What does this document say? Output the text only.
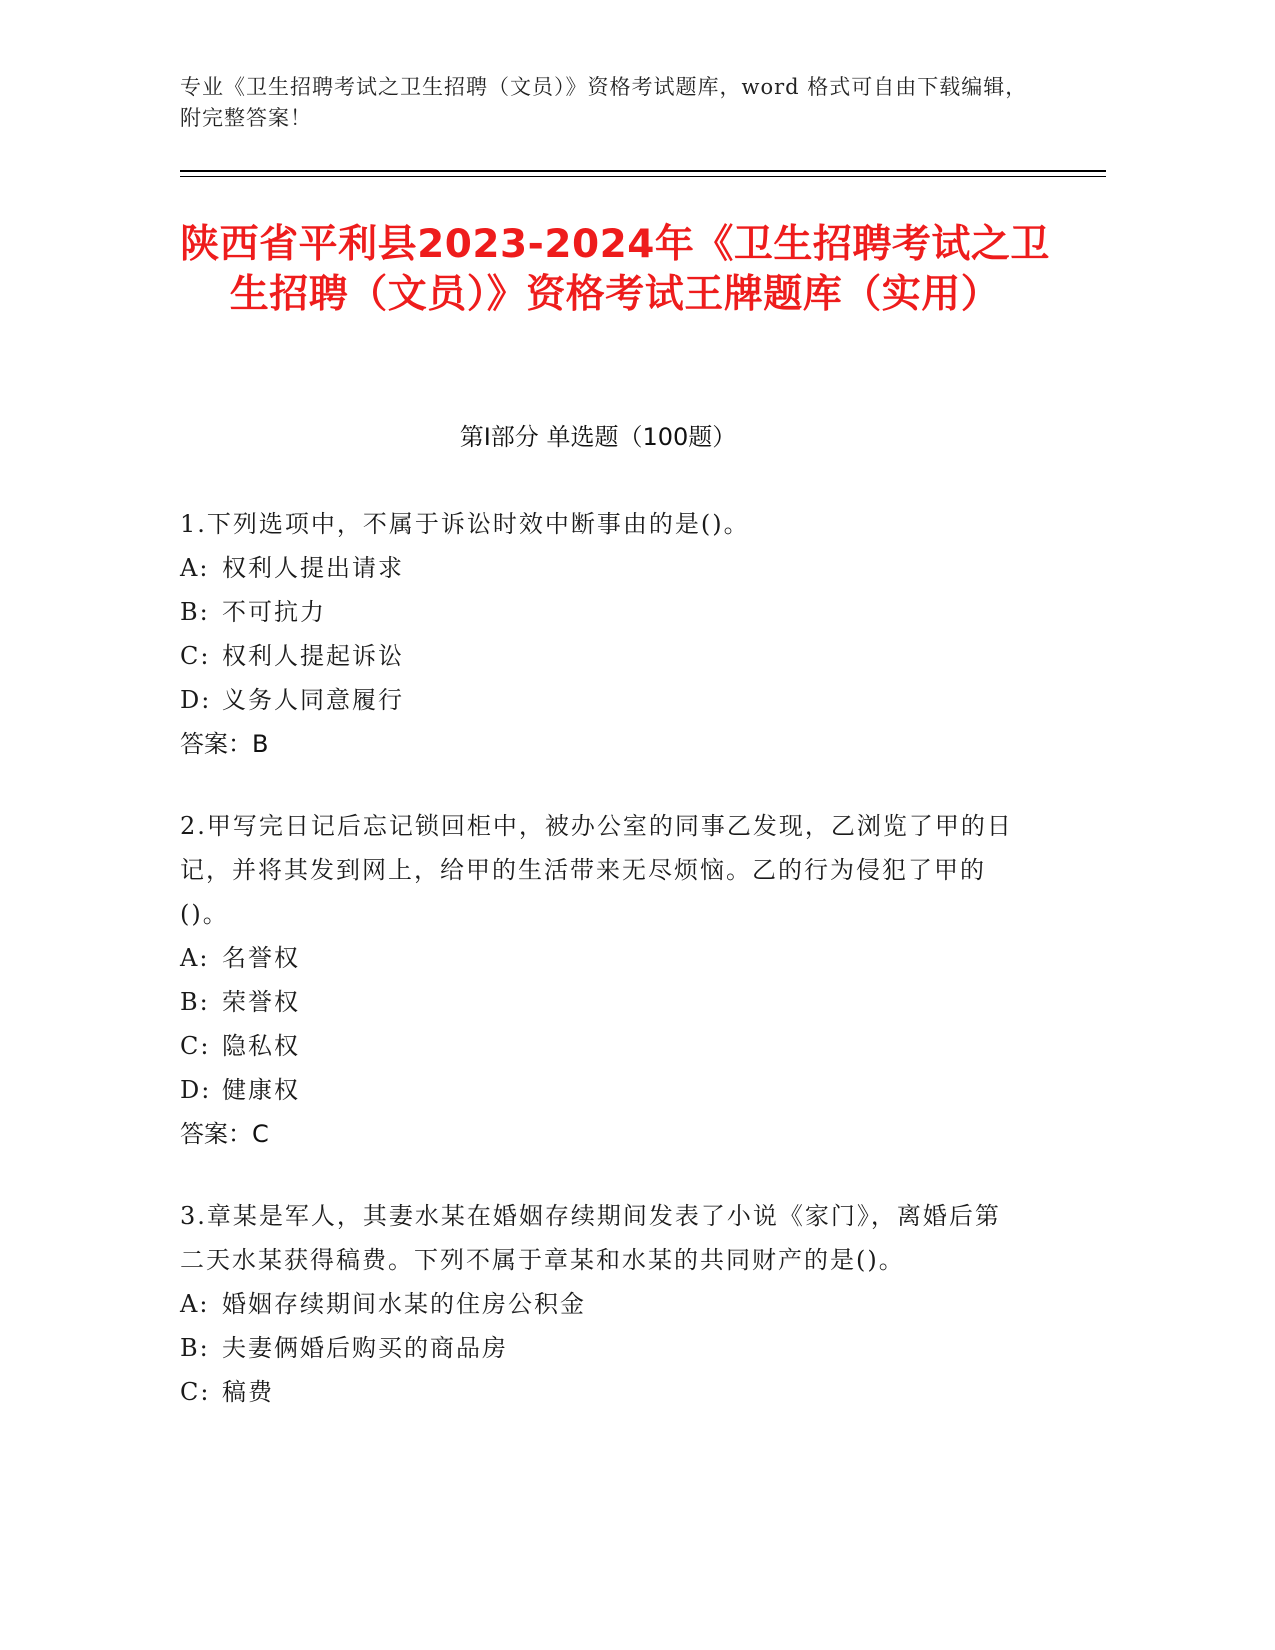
专业《卫生招聘考试之卫生招聘（文员）》资格考试题库，word 格式可自由下载编辑，附完整答案！
陕西省平利县2023-2024年《卫生招聘考试之卫生招聘（文员）》资格考试王牌题库（实用）
第Ⅰ部分 单选题（100题）
1.下列选项中，不属于诉讼时效中断事由的是()。
A: 权利人提出请求
B: 不可抗力
C: 权利人提起诉讼
D: 义务人同意履行
答案：B
2.甲写完日记后忘记锁回柜中，被办公室的同事乙发现，乙浏览了甲的日记，并将其发到网上，给甲的生活带来无尽烦恼。乙的行为侵犯了甲的()。
A: 名誉权
B: 荣誉权
C: 隐私权
D: 健康权
答案：C
3.章某是军人，其妻水某在婚姻存续期间发表了小说《家门》，离婚后第二天水某获得稿费。下列不属于章某和水某的共同财产的是()。
A: 婚姻存续期间水某的住房公积金
B: 夫妻俩婚后购买的商品房
C: 稿费
